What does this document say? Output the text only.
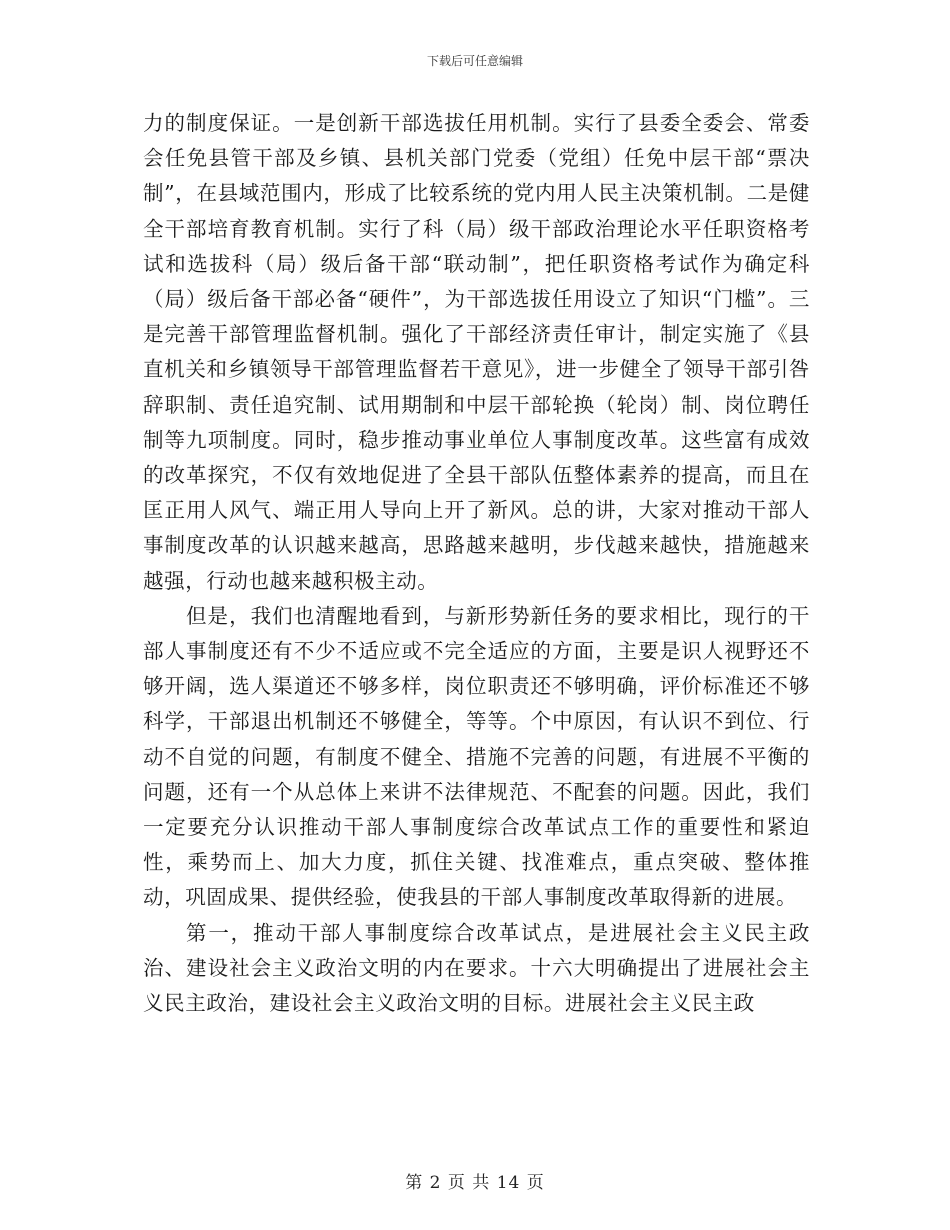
下载后可任意编辑

力的制度保证。一是创新干部选拔任用机制。实行了县委全委会、常委会任免县管干部及乡镇、县机关部门党委（党组）任免中层干部“票决制”，在县域范围内，形成了比较系统的党内用人民主决策机制。二是健全干部培育教育机制。实行了科（局）级干部政治理论水平任职资格考试和选拔科（局）级后备干部“联动制”，把任职资格考试作为确定科（局）级后备干部必备“硬件”，为干部选拔任用设立了知识“门槛”。三是完善干部管理监督机制。强化了干部经济责任审计，制定实施了《县直机关和乡镇领导干部管理监督若干意见》，进一步健全了领导干部引咎辞职制、责任追究制、试用期制和中层干部轮换（轮岗）制、岗位聘任制等九项制度。同时，稳步推动事业单位人事制度改革。这些富有成效的改革探究，不仅有效地促进了全县干部队伍整体素养的提高，而且在匡正用人风气、端正用人导向上开了新风。总的讲，大家对推动干部人事制度改革的认识越来越高，思路越来越明，步伐越来越快，措施越来越强，行动也越来越积极主动。

但是，我们也清醒地看到，与新形势新任务的要求相比，现行的干部人事制度还有不少不适应或不完全适应的方面，主要是识人视野还不够开阔，选人渠道还不够多样，岗位职责还不够明确，评价标准还不够科学，干部退出机制还不够健全，等等。个中原因，有认识不到位、行动不自觉的问题，有制度不健全、措施不完善的问题，有进展不平衡的问题，还有一个从总体上来讲不法律规范、不配套的问题。因此，我们一定要充分认识推动干部人事制度综合改革试点工作的重要性和紧迫性，乘势而上、加大力度，抓住关键、找准难点，重点突破、整体推动，巩固成果、提供经验，使我县的干部人事制度改革取得新的进展。

第一，推动干部人事制度综合改革试点，是进展社会主义民主政治、建设社会主义政治文明的内在要求。十六大明确提出了进展社会主义民主政治，建设社会主义政治文明的目标。进展社会主义民主政

第 2 页 共 14 页
